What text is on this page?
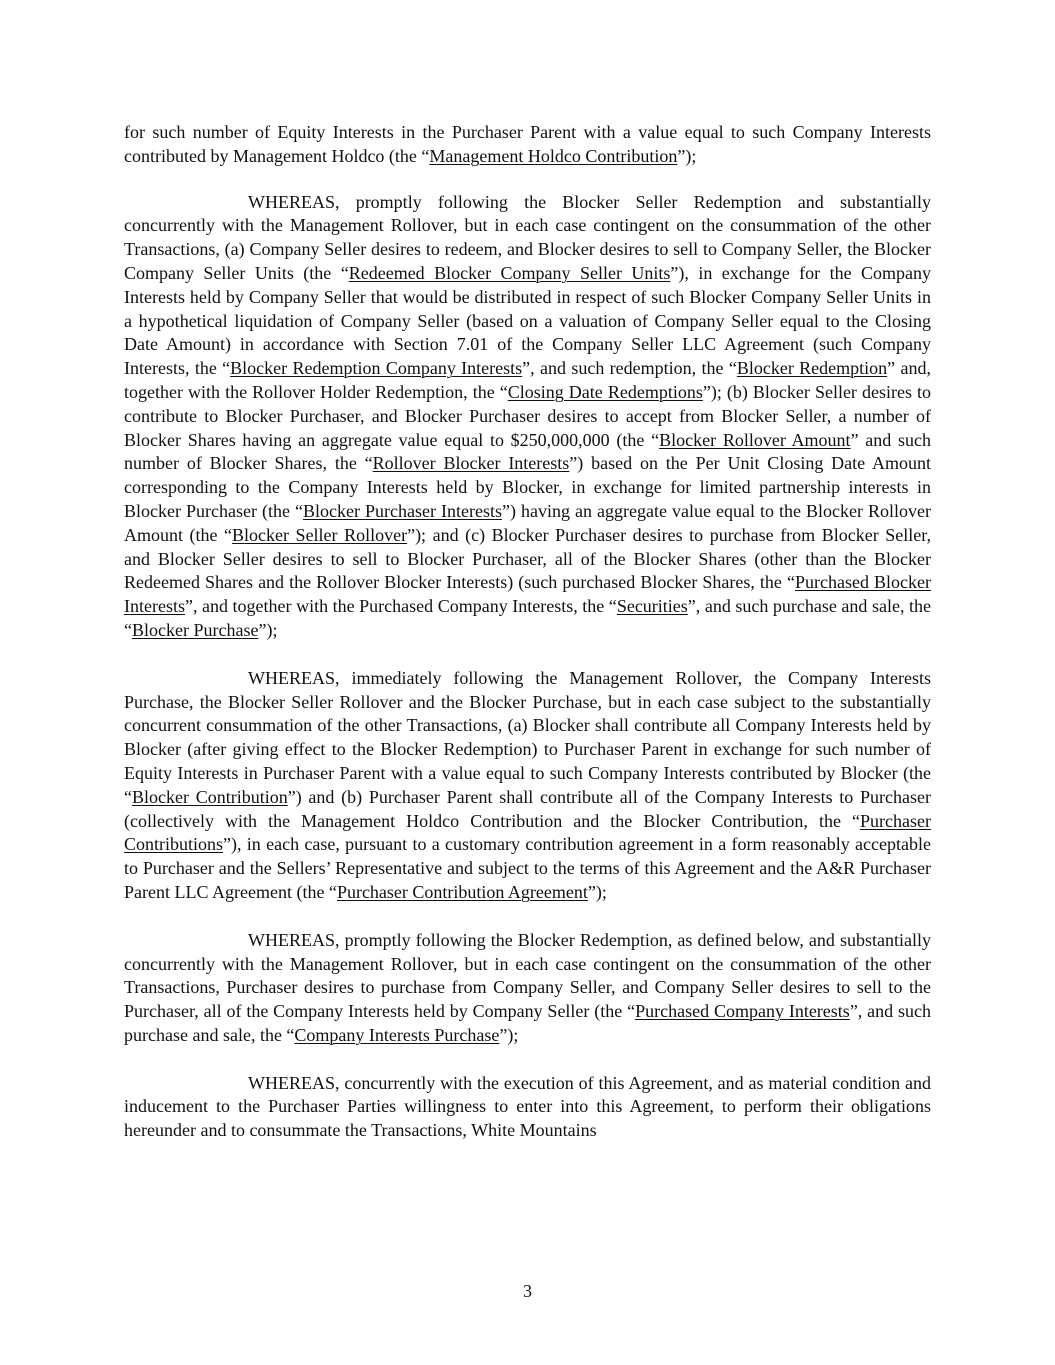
for such number of Equity Interests in the Purchaser Parent with a value equal to such Company Interests contributed by Management Holdco (the “Management Holdco Contribution”);

WHEREAS, promptly following the Blocker Seller Redemption and substantially concurrently with the Management Rollover, but in each case contingent on the consummation of the other Transactions, (a) Company Seller desires to redeem, and Blocker desires to sell to Company Seller, the Blocker Company Seller Units (the “Redeemed Blocker Company Seller Units”), in exchange for the Company Interests held by Company Seller that would be distributed in respect of such Blocker Company Seller Units in a hypothetical liquidation of Company Seller (based on a valuation of Company Seller equal to the Closing Date Amount) in accordance with Section 7.01 of the Company Seller LLC Agreement (such Company Interests, the “Blocker Redemption Company Interests”, and such redemption, the “Blocker Redemption” and, together with the Rollover Holder Redemption, the “Closing Date Redemptions”); (b) Blocker Seller desires to contribute to Blocker Purchaser, and Blocker Purchaser desires to accept from Blocker Seller, a number of Blocker Shares having an aggregate value equal to $250,000,000 (the “Blocker Rollover Amount” and such number of Blocker Shares, the “Rollover Blocker Interests”) based on the Per Unit Closing Date Amount corresponding to the Company Interests held by Blocker, in exchange for limited partnership interests in Blocker Purchaser (the “Blocker Purchaser Interests”) having an aggregate value equal to the Blocker Rollover Amount (the “Blocker Seller Rollover”); and (c) Blocker Purchaser desires to purchase from Blocker Seller, and Blocker Seller desires to sell to Blocker Purchaser, all of the Blocker Shares (other than the Blocker Redeemed Shares and the Rollover Blocker Interests) (such purchased Blocker Shares, the “Purchased Blocker Interests”, and together with the Purchased Company Interests, the “Securities”, and such purchase and sale, the “Blocker Purchase”);

WHEREAS, immediately following the Management Rollover, the Company Interests Purchase, the Blocker Seller Rollover and the Blocker Purchase, but in each case subject to the substantially concurrent consummation of the other Transactions, (a) Blocker shall contribute all Company Interests held by Blocker (after giving effect to the Blocker Redemption) to Purchaser Parent in exchange for such number of Equity Interests in Purchaser Parent with a value equal to such Company Interests contributed by Blocker (the “Blocker Contribution”) and (b) Purchaser Parent shall contribute all of the Company Interests to Purchaser (collectively with the Management Holdco Contribution and the Blocker Contribution, the “Purchaser Contributions”), in each case, pursuant to a customary contribution agreement in a form reasonably acceptable to Purchaser and the Sellers’ Representative and subject to the terms of this Agreement and the A&R Purchaser Parent LLC Agreement (the “Purchaser Contribution Agreement”);

WHEREAS, promptly following the Blocker Redemption, as defined below, and substantially concurrently with the Management Rollover, but in each case contingent on the consummation of the other Transactions, Purchaser desires to purchase from Company Seller, and Company Seller desires to sell to the Purchaser, all of the Company Interests held by Company Seller (the “Purchased Company Interests”, and such purchase and sale, the “Company Interests Purchase”);

WHEREAS, concurrently with the execution of this Agreement, and as material condition and inducement to the Purchaser Parties willingness to enter into this Agreement, to perform their obligations hereunder and to consummate the Transactions, White Mountains

3
